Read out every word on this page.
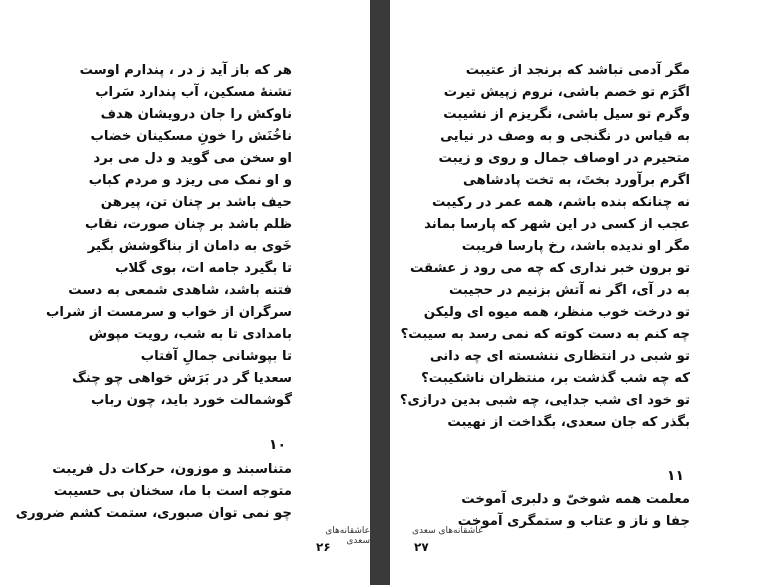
هر که باز آید ز در ، پندارم اوست
تشنهٔ مسکین، آب پندارد سَراب
ناوکش را جان درویشان هدف
ناخُنَش را خونِ مسکینان خضاب
او سخن می گوید و دل می برد
و او نمک می ریزد و مردم کباب
حیف باشد بر چنان تن، پیرهن
ظلم باشد بر چنان صورت، نقاب
خَوی به دامان از بناگوشش بگیر
تا بگیرد جامه ات، بوی گلاب
فتنه باشد، شاهدی شمعی به دست
سرگران از خواب و سرمست از شراب
بامدادی تا به شب، رویت مپوش
تا بپوشانی جمالِ آفتاب
سعدیا گر در بَرَش خواهی چو چنگ
گوشمالت خورد باید، چون رباب
۱۰
متناسبند و موزون، حرکات دل فریبت
متوجه است با ما، سخنان بی حسیبت
چو نمی توان صبوری، ستمت کشم ضروری
عاشقانه‌های سعدی
۲۶
مگر آدمی نباشد که برنجد از عتیبت
اگرَم تو خصم باشی، نروم زپیش تیرت
وگرم تو سیل باشی، نگریزم از نشیبت
به قیاس در نگنجی و به وصف در نیایی
متحیرم در اوصاف جمال و روی و زیبت
اگرم برآورد بختَ، به تخت پادشاهی
نه چنانکه بنده باشم، همه عمر در رکیبت
عجب از کسی در این شهر که پارسا بماند
مگر او ندیده باشد، رخ پارسا فریبت
تو برون خبر نداری که چه می رود ز عشقت
به در آی، اگر نه آتش بزنیم در حجیبت
تو درخت خوب منظر، همه میوه ای ولیکن
چه کنم به دست کوته که نمی رسد به سیبت؟
تو شبی در انتظاری ننشسته ای چه دانی
که چه شب گذشت بر، منتظران ناشکیبت؟
تو خود ای شب جدایی، چه شبی بدین درازی؟
بگذر که جان سعدی، بگداخت از نهیبت
۱۱
معلمت همه شوخیّ و دلبری آموخت
جفا و ناز و عتاب و ستمگری آموخت
عاشقانه‌های سعدی
۲۷
